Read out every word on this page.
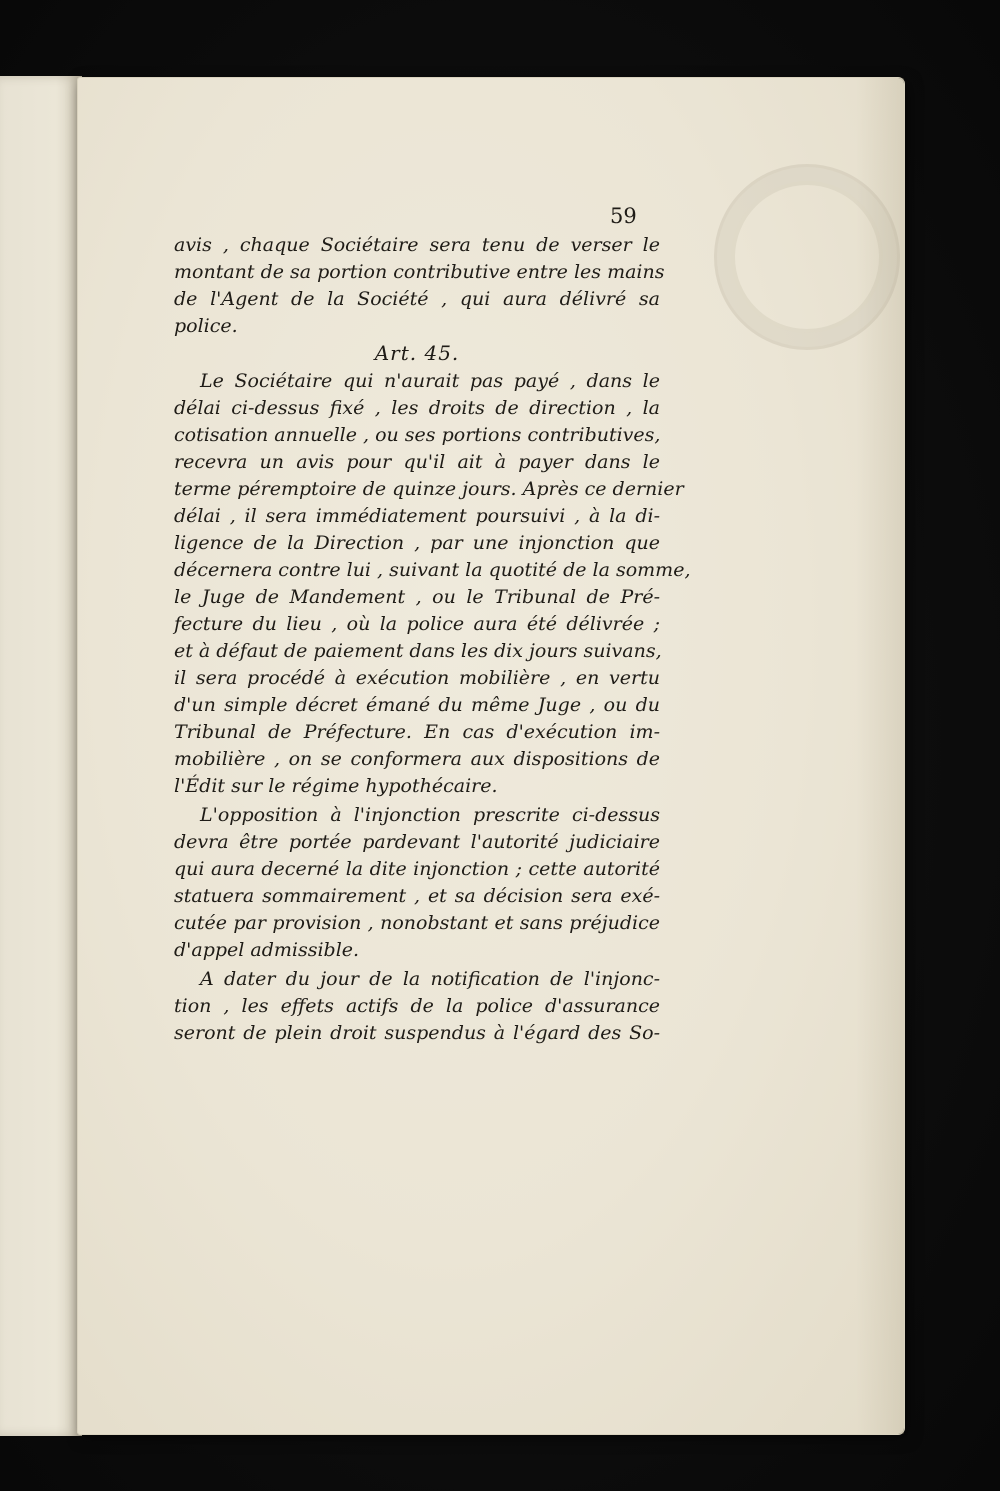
59
avis , chaque Sociétaire sera tenu de verser le
montant de sa portion contributive entre les mains
de l'Agent de la Société , qui aura délivré sa
police.
Art. 45.
Le Sociétaire qui n'aurait pas payé , dans le
délai ci-dessus fixé , les droits de direction , la
cotisation annuelle , ou ses portions contributives,
recevra un avis pour qu'il ait à payer dans le
terme péremptoire de quinze jours. Après ce dernier
délai , il sera immédiatement poursuivi , à la di-
ligence de la Direction , par une injonction que
décernera contre lui , suivant la quotité de la somme,
le Juge de Mandement , ou le Tribunal de Pré-
fecture du lieu , où la police aura été délivrée ;
et à défaut de paiement dans les dix jours suivans,
il sera procédé à exécution mobilière , en vertu
d'un simple décret émané du même Juge , ou du
Tribunal de Préfecture. En cas d'exécution im-
mobilière , on se conformera aux dispositions de
l'Édit sur le régime hypothécaire.
L'opposition à l'injonction prescrite ci-dessus
devra être portée pardevant l'autorité judiciaire
qui aura decerné la dite injonction ; cette autorité
statuera sommairement , et sa décision sera exé-
cutée par provision , nonobstant et sans préjudice
d'appel admissible.
A dater du jour de la notification de l'injonc-
tion , les effets actifs de la police d'assurance
seront de plein droit suspendus à l'égard des So-
